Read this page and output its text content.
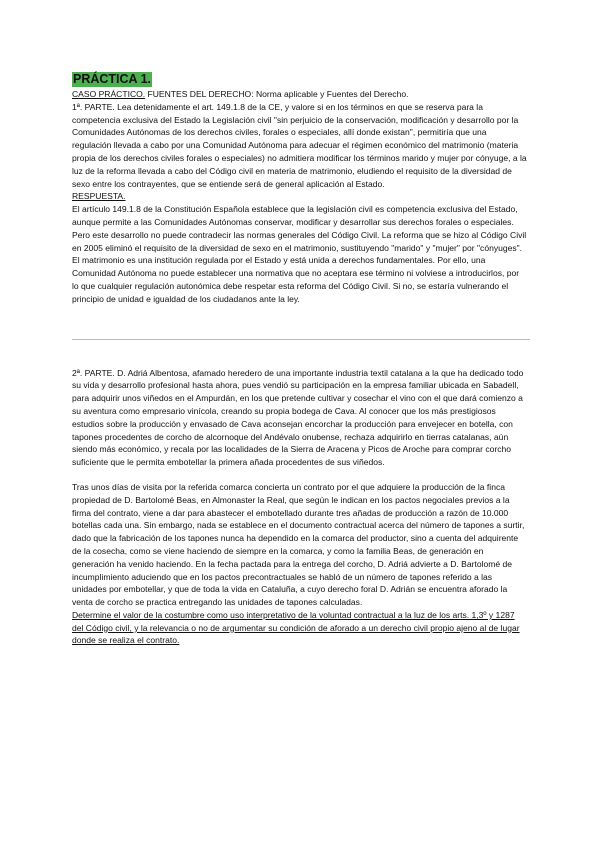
PRÁCTICA 1.

CASO PRÁCTICO. FUENTES DEL DERECHO: Norma aplicable y Fuentes del Derecho.

1ª. PARTE. Lea detenidamente el art. 149.1.8 de la CE, y valore si en los términos en que se reserva para la competencia exclusiva del Estado la Legislación civil "sin perjuicio de la conservación, modificación y desarrollo por la Comunidades Autónomas de los derechos civiles, forales o especiales, allí donde existan", permitiría que una regulación llevada a cabo por una Comunidad Autónoma para adecuar el régimen económico del matrimonio (materia propia de los derechos civiles forales o especiales) no admitiera modificar los términos marido y mujer por cónyuge, a la luz de la reforma llevada a cabo del Código civil en materia de matrimonio, eludiendo el requisito de la diversidad de sexo entre los contrayentes, que se entiende será de general aplicación al Estado.

RESPUESTA.

El artículo 149.1.8 de la Constitución Española establece que la legislación civil es competencia exclusiva del Estado, aunque permite a las Comunidades Autónomas conservar, modificar y desarrollar sus derechos forales o especiales. Pero este desarrollo no puede contradecir las normas generales del Código Civil. La reforma que se hizo al Código Civil en 2005 eliminó el requisito de la diversidad de sexo en el matrimonio, sustituyendo "marido" y "mujer" por "cónyuges". El matrimonio es una institución regulada por el Estado y está unida a derechos fundamentales. Por ello, una Comunidad Autónoma no puede establecer una normativa que no aceptara ese término ni volviese a introducirlos, por lo que cualquier regulación autonómica debe respetar esta reforma del Código Civil. Si no, se estaría vulnerando el principio de unidad e igualdad de los ciudadanos ante la ley.

2ª. PARTE. D. Adriá Albentosa, afamado heredero de una importante industria textil catalana a la que ha dedicado todo su vida y desarrollo profesional hasta ahora, pues vendió su participación en la empresa familiar ubicada en Sabadell, para adquirir unos viñedos en el Ampurdán, en los que pretende cultivar y cosechar el vino con el que dará comienzo a su aventura como empresario vinícola, creando su propia bodega de Cava. Al conocer que los más prestigiosos estudios sobre la producción y envasado de Cava aconsejan encorchar la producción para envejecer en botella, con tapones procedentes de corcho de alcornoque del Andévalo onubense, rechaza adquirirlo en tierras catalanas, aún siendo más económico, y recala por las localidades de la Sierra de Aracena y Picos de Aroche para comprar corcho suficiente que le permita embotellar la primera añada procedentes de sus viñedos.

Tras unos días de visita por la referida comarca concierta un contrato por el que adquiere la producción de la finca propiedad de D. Bartolomé Beas, en Almonaster la Real, que según le indican en los pactos negociales previos a la firma del contrato, viene a dar para abastecer el embotellado durante tres añadas de producción a razón de 10.000 botellas cada una. Sin embargo, nada se establece en el documento contractual acerca del número de tapones a surtir, dado que la fabricación de los tapones nunca ha dependido en la comarca del productor, sino a cuenta del adquirente de la cosecha, como se viene haciendo de siempre en la comarca, y como la familia Beas, de generación en generación ha venido haciendo. En la fecha pactada para la entrega del corcho, D. Adriá advierte a D. Bartolomé de incumplimiento aduciendo que en los pactos precontractuales se habló de un número de tapones referido a las unidades por embotellar, y que de toda la vida en Cataluña, a cuyo derecho foral D. Adrián se encuentra aforado la venta de corcho se practica entregando las unidades de tapones calculadas.

Determine el valor de la costumbre como uso interpretativo de la voluntad contractual a la luz de los arts. 1,3º y 1287 del Código civil, y la relevancia o no de argumentar su condición de aforado a un derecho civil propio ajeno al de lugar donde se realiza el contrato.
